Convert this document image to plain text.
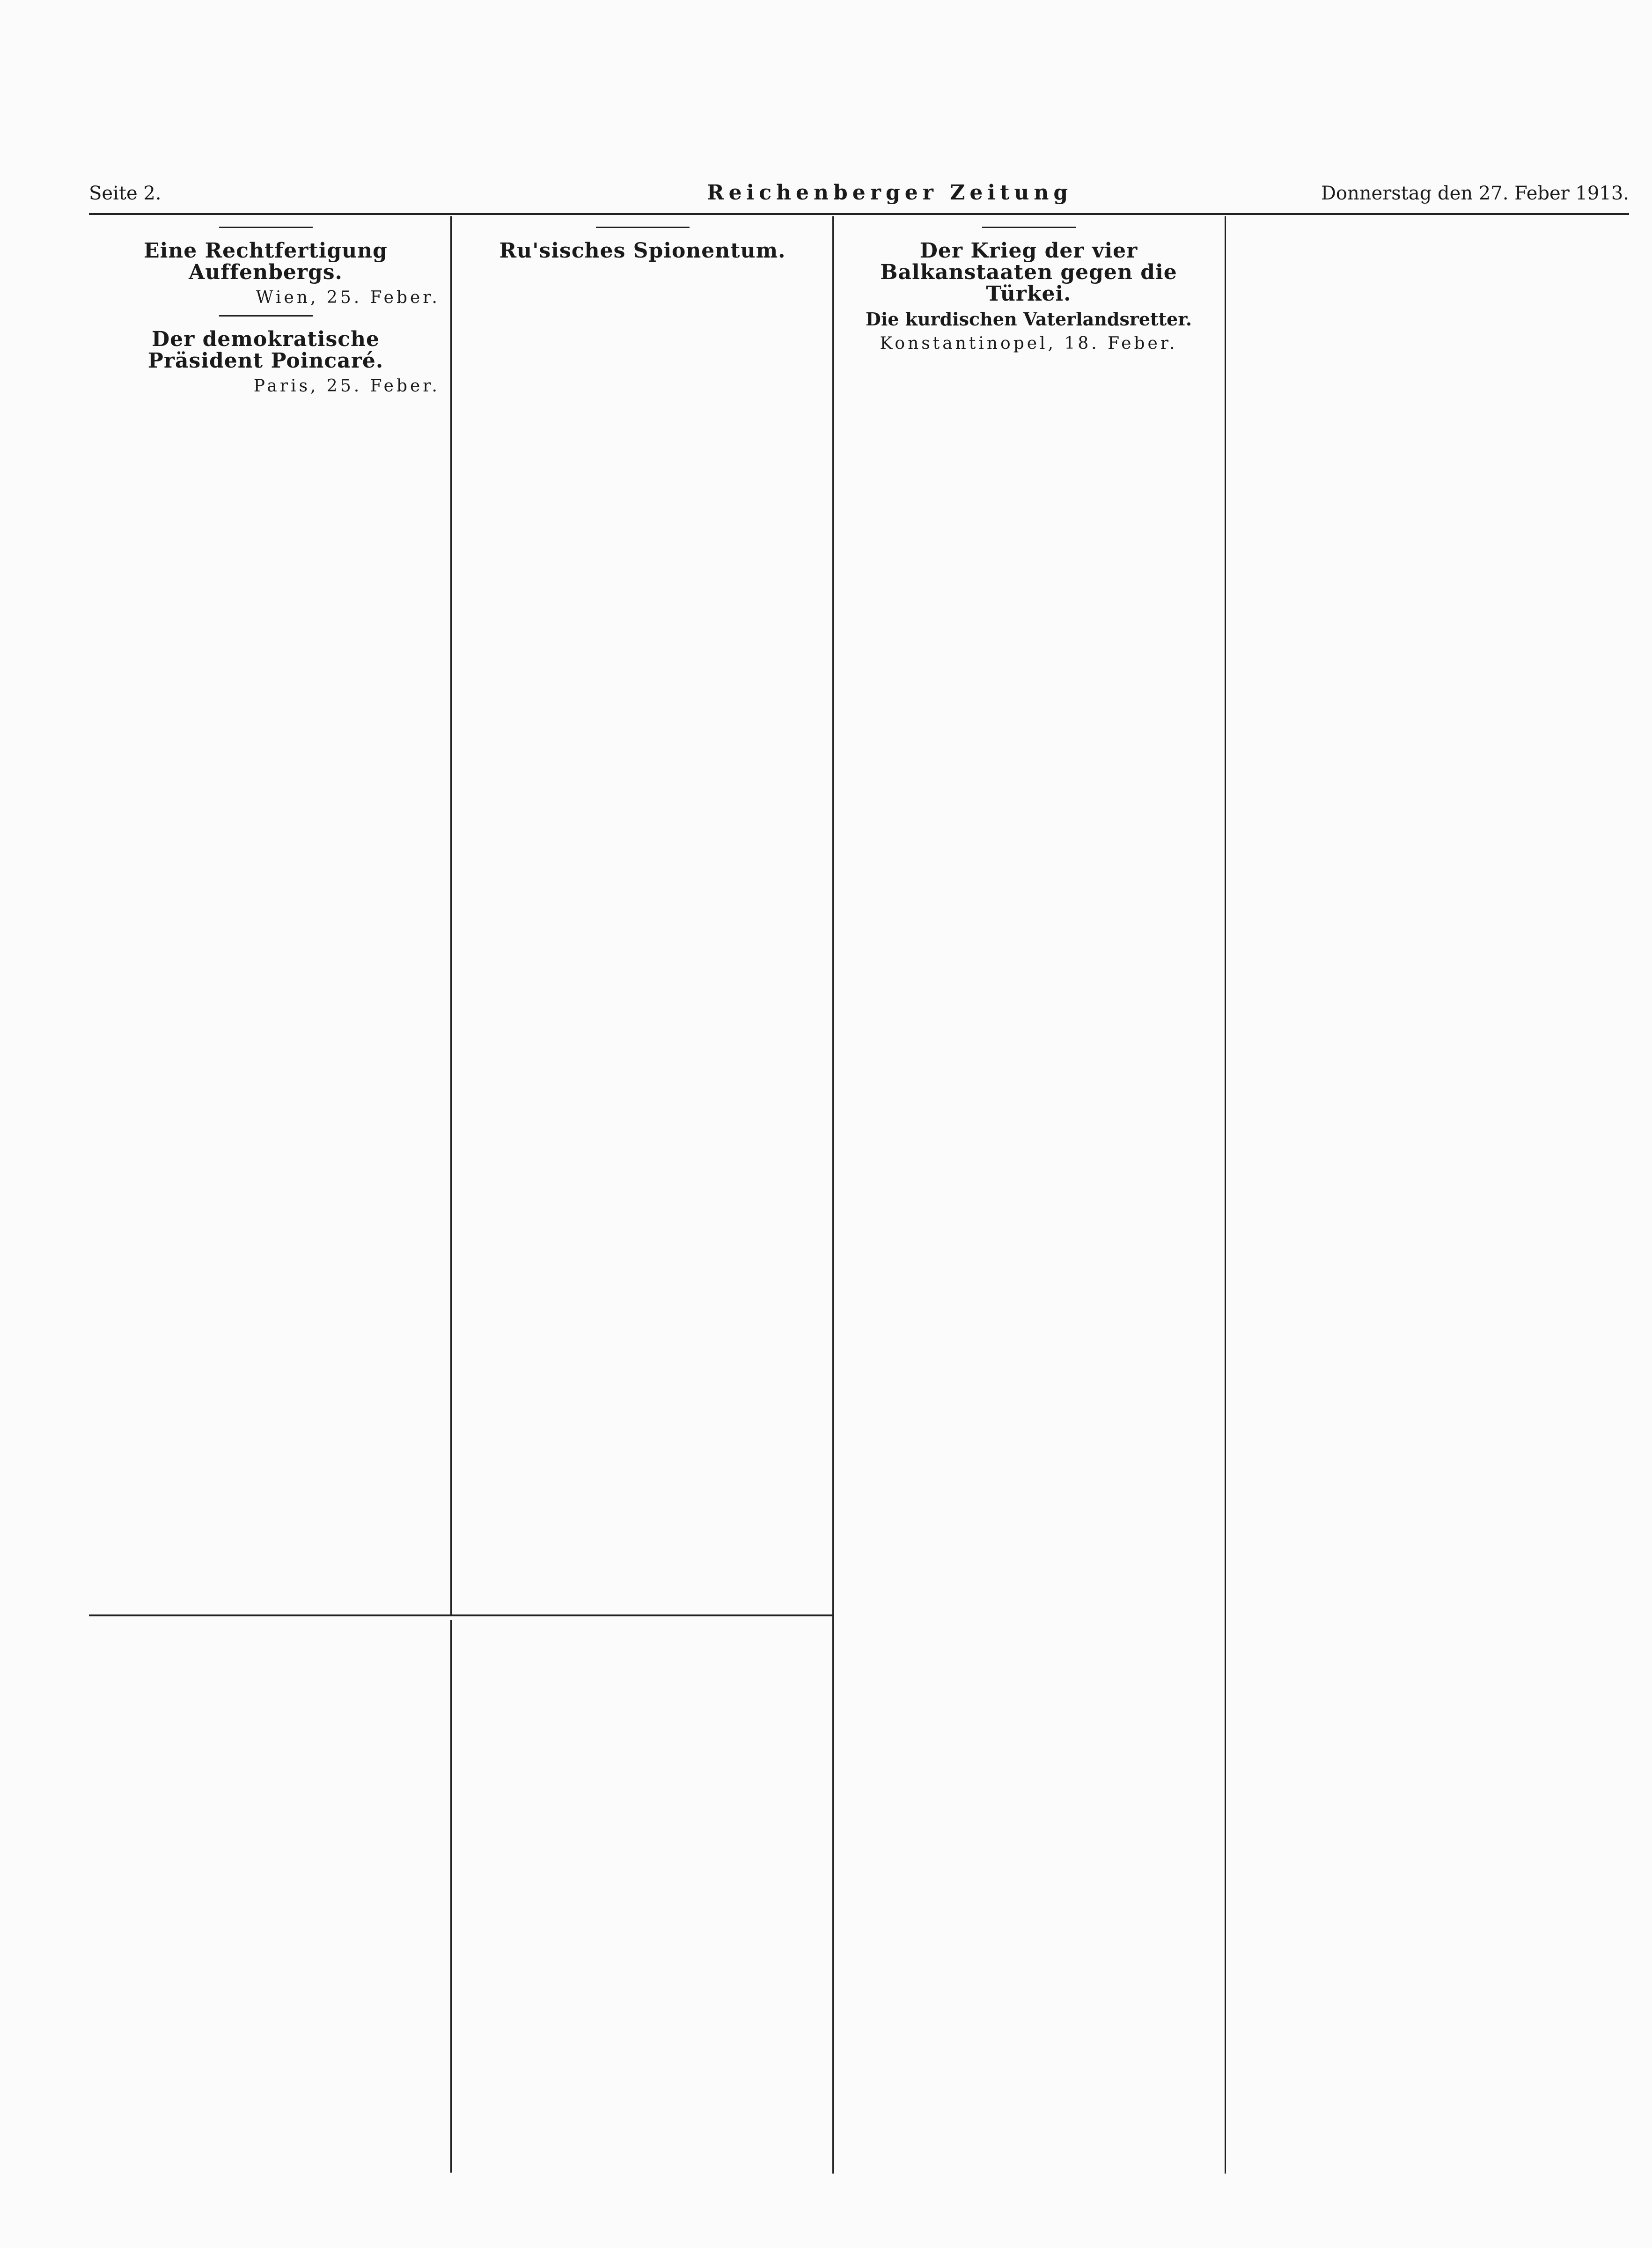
Seite 2.	Reichenberger Zeitung	Donnerstag den 27. Feber 1913.
Eine Rechtfertigung Auffenbergs.
Wien, 25. Feber.
Der demokratische Präsident Poincaré.
Paris, 25. Feber.
Ru'sisches Spionentum.	Der Krieg der vier
Balkanstaaten gegen die Türkei.
Die kurdischen Vaterlandsretter.
Konstantinopel, 18. Feber.
